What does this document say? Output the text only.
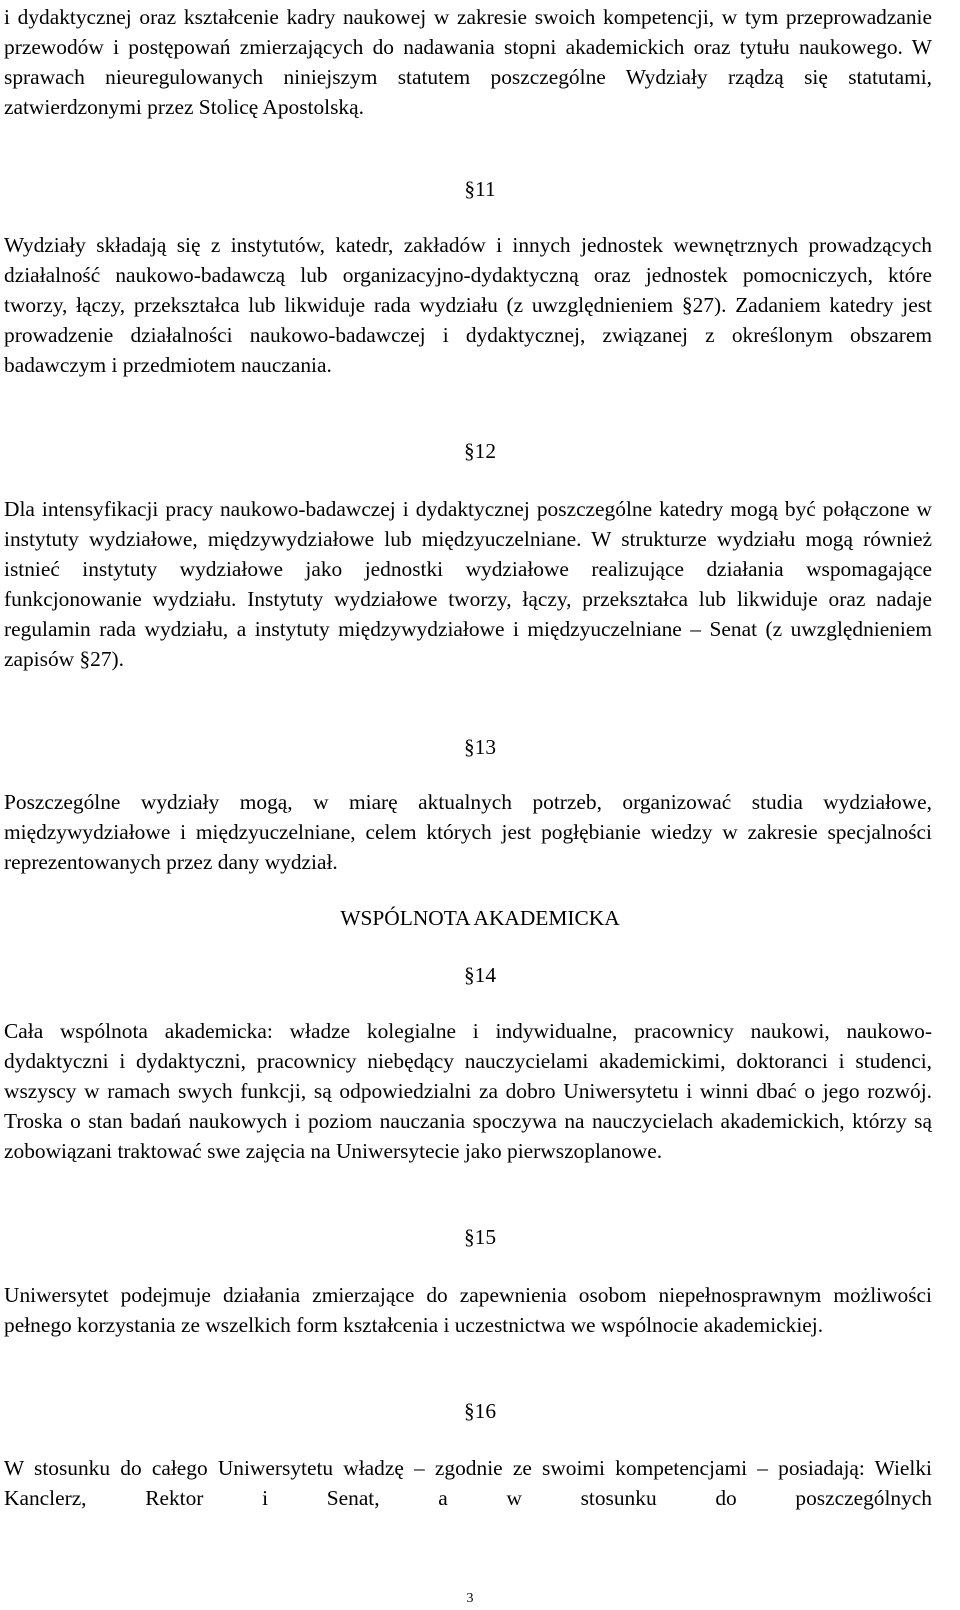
i dydaktycznej oraz kształcenie kadry naukowej w zakresie swoich kompetencji, w tym przeprowadzanie przewodów i postępowań zmierzających do nadawania stopni akademickich oraz tytułu naukowego. W sprawach nieuregulowanych niniejszym statutem poszczególne Wydziały rządzą się statutami, zatwierdzonymi przez Stolicę Apostolską.

§11

Wydziały składają się z instytutów, katedr, zakładów i innych jednostek wewnętrznych prowadzących działalność naukowo-badawczą lub organizacyjno-dydaktyczną oraz jednostek pomocniczych, które tworzy, łączy, przekształca lub likwiduje rada wydziału (z uwzględnieniem §27). Zadaniem katedry jest prowadzenie działalności naukowo-badawczej i dydaktycznej, związanej z określonym obszarem badawczym i przedmiotem nauczania.

§12

Dla intensyfikacji pracy naukowo-badawczej i dydaktycznej poszczególne katedry mogą być połączone w instytuty wydziałowe, międzywydziałowe lub międzyuczelniane. W strukturze wydziału mogą również istnieć instytuty wydziałowe jako jednostki wydziałowe realizujące działania wspomagające funkcjonowanie wydziału. Instytuty wydziałowe tworzy, łączy, przekształca lub likwiduje oraz nadaje regulamin rada wydziału, a instytuty międzywydziałowe i międzyuczelniane – Senat (z uwzględnieniem zapisów §27).

§13

Poszczególne wydziały mogą, w miarę aktualnych potrzeb, organizować studia wydziałowe, międzywydziałowe i międzyuczelniane, celem których jest pogłębianie wiedzy w zakresie specjalności reprezentowanych przez dany wydział.

WSPÓLNOTA AKADEMICKA
§14

Cała wspólnota akademicka: władze kolegialne i indywidualne, pracownicy naukowi, naukowo-dydaktyczni i dydaktyczni, pracownicy niebędący nauczycielami akademickimi, doktoranci i studenci, wszyscy w ramach swych funkcji, są odpowiedzialni za dobro Uniwersytetu i winni dbać o jego rozwój. Troska o stan badań naukowych i poziom nauczania spoczywa na nauczycielach akademickich, którzy są zobowiązani traktować swe zajęcia na Uniwersytecie jako pierwszoplanowe.

§15

Uniwersytet podejmuje działania zmierzające do zapewnienia osobom niepełnosprawnym możliwości pełnego korzystania ze wszelkich form kształcenia i uczestnictwa we wspólnocie akademickiej.

§16

W stosunku do całego Uniwersytetu władzę – zgodnie ze swoimi kompetencjami – posiadają: Wielki Kanclerz, Rektor i Senat, a w stosunku do poszczególnych

3
